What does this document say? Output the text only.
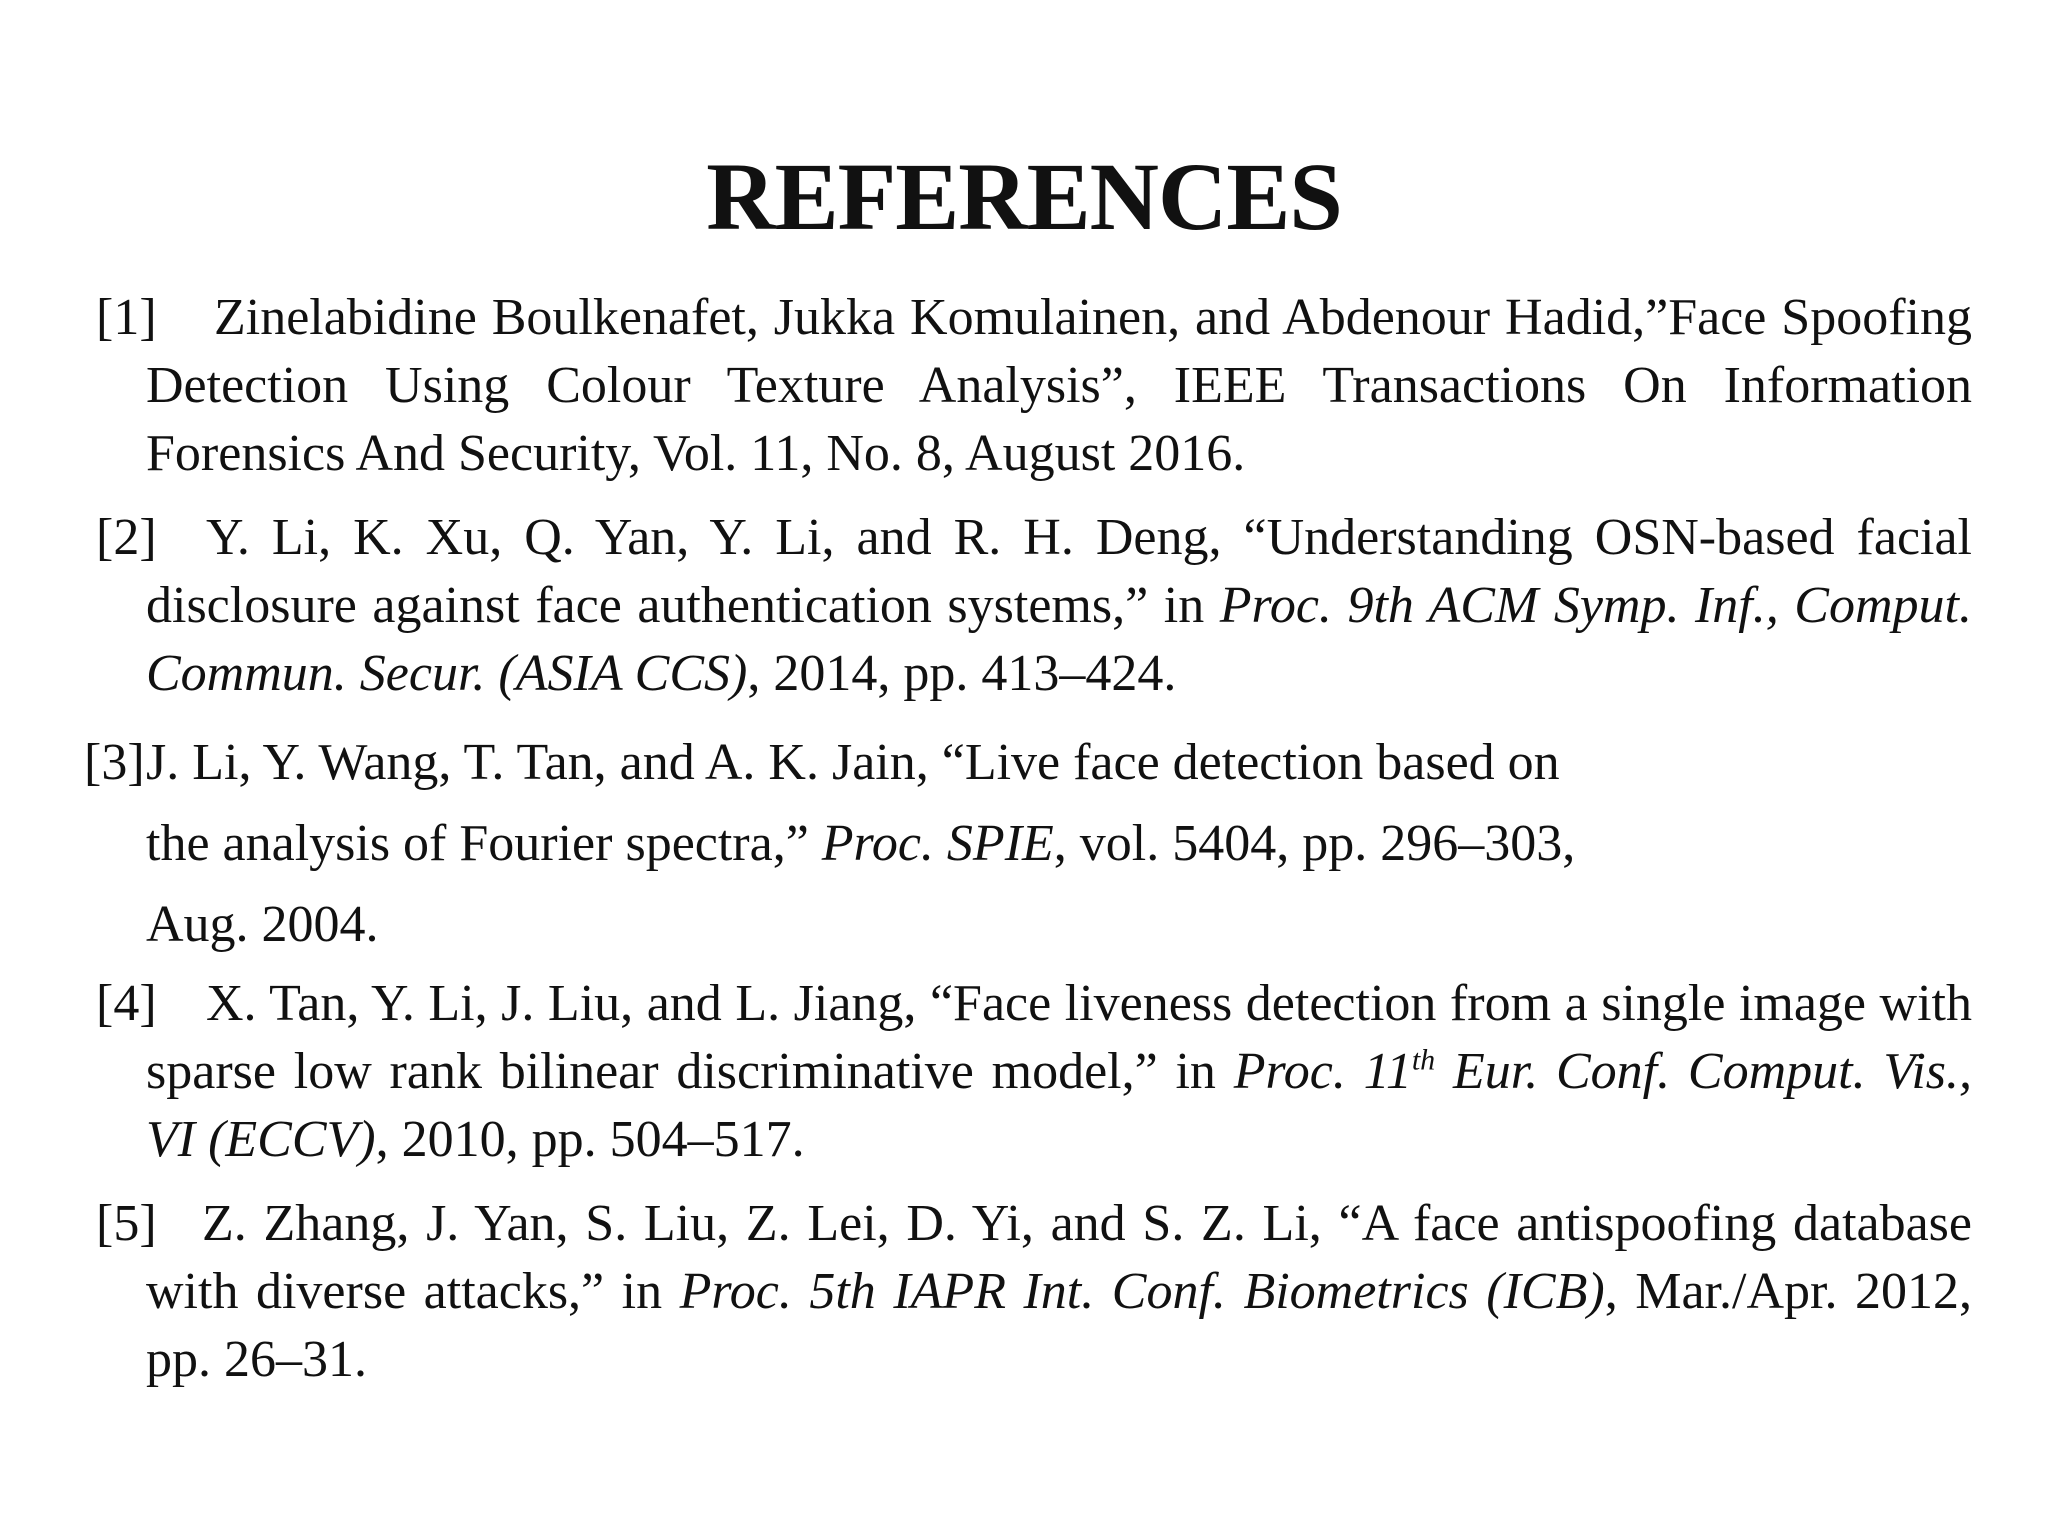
REFERENCES
[1] Zinelabidine Boulkenafet, Jukka Komulainen, and Abdenour Hadid,”Face Spoofing Detection Using Colour Texture Analysis”, IEEE Transactions On Information Forensics And Security, Vol. 11, No. 8, August 2016.
[2] Y. Li, K. Xu, Q. Yan, Y. Li, and R. H. Deng, “Understanding OSN-based facial disclosure against face authentication systems,” in Proc. 9th ACM Symp. Inf., Comput. Commun. Secur. (ASIA CCS), 2014, pp. 413–424.
[3] J. Li, Y. Wang, T. Tan, and A. K. Jain, “Live face detection based on
the analysis of Fourier spectra,” Proc. SPIE, vol. 5404, pp. 296–303,
Aug. 2004.
[4] X. Tan, Y. Li, J. Liu, and L. Jiang, “Face liveness detection from a single image with sparse low rank bilinear discriminative model,” in Proc. 11th Eur. Conf. Comput. Vis., VI (ECCV), 2010, pp. 504–517.
[5] Z. Zhang, J. Yan, S. Liu, Z. Lei, D. Yi, and S. Z. Li, “A face antispoofing database with diverse attacks,” in Proc. 5th IAPR Int. Conf. Biometrics (ICB), Mar./Apr. 2012, pp. 26–31.
